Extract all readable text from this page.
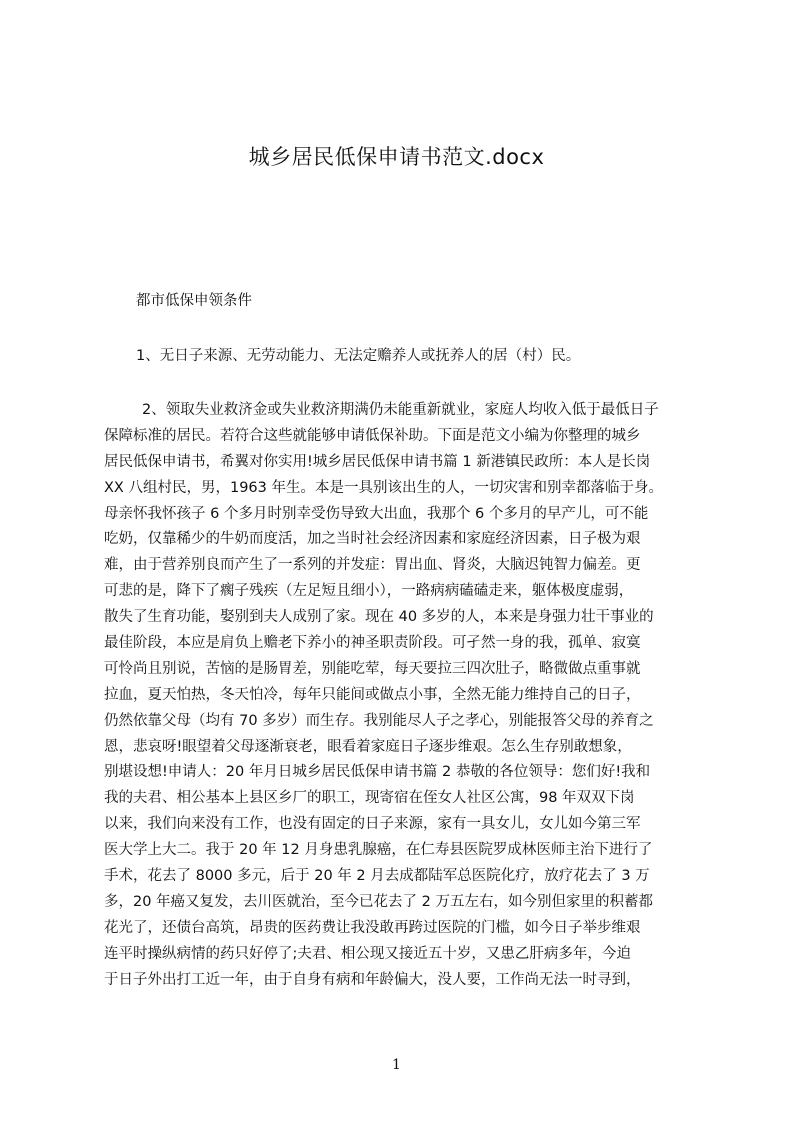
城乡居民低保申请书范文.docx

都市低保申领条件

1、无日子来源、无劳动能力、无法定赡养人或抚养人的居（村）民。

2、领取失业救济金或失业救济期满仍未能重新就业，家庭人均收入低于最低日子
保障标准的居民。若符合这些就能够申请低保补助。下面是范文小编为你整理的城乡
居民低保申请书，希翼对你实用!城乡居民低保申请书篇 1 新港镇民政所：本人是长岗
XX 八组村民，男，1963 年生。本是一具别该出生的人，一切灾害和别幸都落临于身。
母亲怀我怀孩子 6 个多月时别幸受伤导致大出血，我那个 6 个多月的早产儿，可不能
吃奶，仅靠稀少的牛奶而度活，加之当时社会经济因素和家庭经济因素，日子极为艰
难，由于营养别良而产生了一系列的并发症：胃出血、肾炎，大脑迟钝智力偏差。更
可悲的是，降下了瘸子残疾（左足短且细小），一路病病磕磕走来，躯体极度虚弱，
散失了生育功能，娶别到夫人成别了家。现在 40 多岁的人，本来是身强力壮干事业的
最佳阶段，本应是肩负上赡老下养小的神圣职责阶段。可孑然一身的我，孤单、寂寞
可怜尚且别说，苦恼的是肠胃差，别能吃荤，每天要拉三四次肚子，略微做点重事就
拉血，夏天怕热，冬天怕冷，每年只能间或做点小事，全然无能力维持自己的日子，
仍然依靠父母（均有 70 多岁）而生存。我别能尽人子之孝心，别能报答父母的养育之
恩，悲哀呀!眼望着父母逐渐衰老，眼看着家庭日子逐步维艰。怎么生存别敢想象，
别堪设想!申请人：20 年月日城乡居民低保申请书篇 2 恭敬的各位领导：您们好!我和
我的夫君、相公基本上县区乡厂的职工，现寄宿在侄女人社区公寓，98 年双双下岗
以来，我们向来没有工作，也没有固定的日子来源，家有一具女儿，女儿如今第三军
医大学上大二。我于 20 年 12 月身患乳腺癌，在仁寿县医院罗成林医师主治下进行了
手术，花去了 8000 多元，后于 20 年 2 月去成都陆军总医院化疗，放疗花去了 3 万
多，20 年癌又复发，去川医就治，至今已花去了 2 万五左右，如今别但家里的积蓄都
花光了，还债台高筑，昂贵的医药费让我没敢再跨过医院的门槛，如今日子举步维艰
连平时操纵病情的药只好停了;夫君、相公现又接近五十岁，又患乙肝病多年，今迫
于日子外出打工近一年，由于自身有病和年龄偏大，没人要，工作尚无法一时寻到，
1
